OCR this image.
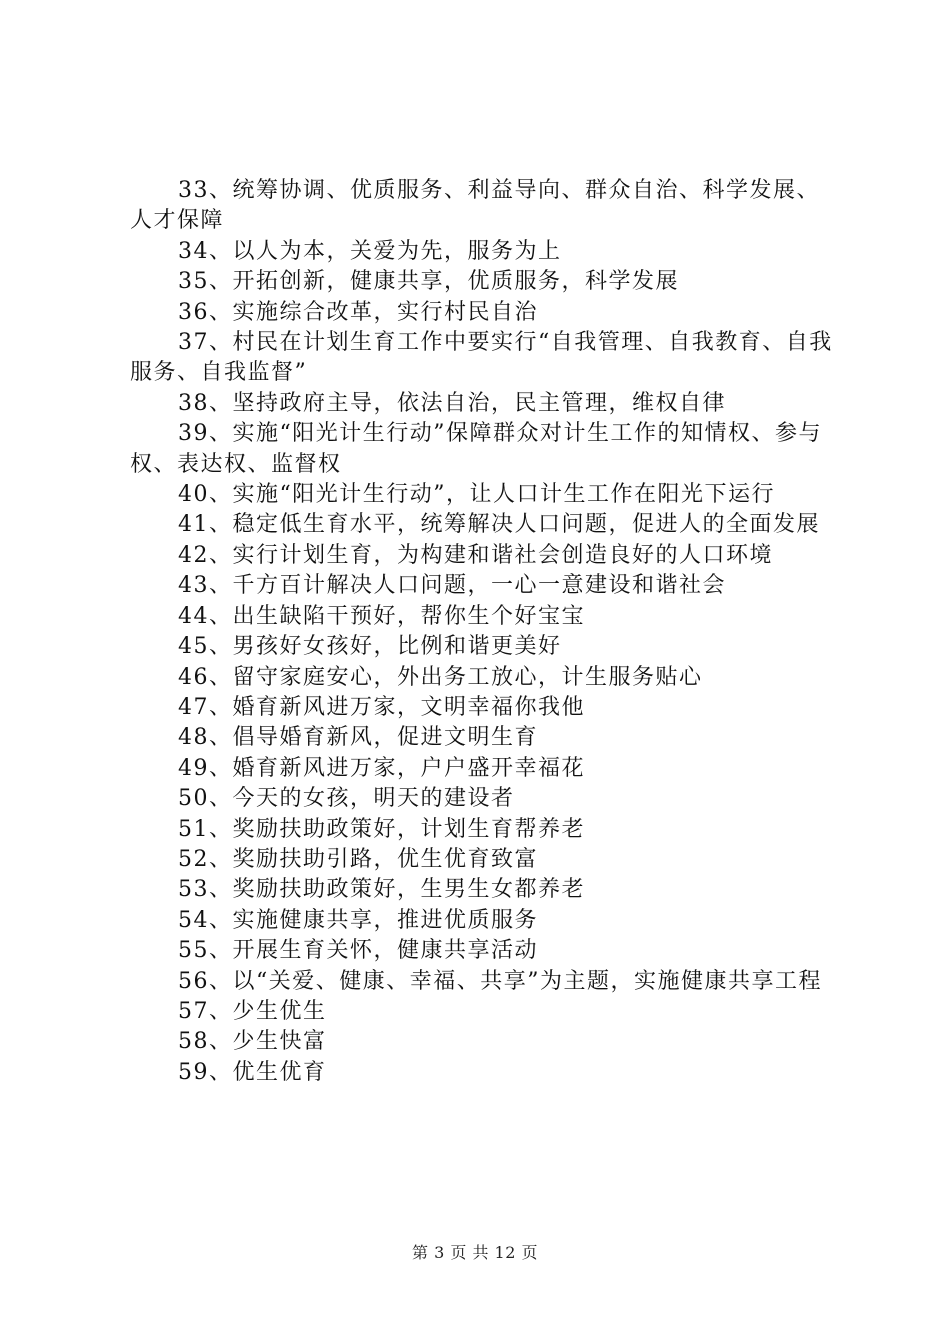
33、统筹协调、优质服务、利益导向、群众自治、科学发展、人才保障

34、以人为本，关爱为先，服务为上

35、开拓创新，健康共享，优质服务，科学发展

36、实施综合改革，实行村民自治

37、村民在计划生育工作中要实行“自我管理、自我教育、自我服务、自我监督”

38、坚持政府主导，依法自治，民主管理，维权自律

39、实施“阳光计生行动”保障群众对计生工作的知情权、参与权、表达权、监督权

40、实施“阳光计生行动”，让人口计生工作在阳光下运行

41、稳定低生育水平，统筹解决人口问题，促进人的全面发展

42、实行计划生育，为构建和谐社会创造良好的人口环境

43、千方百计解决人口问题，一心一意建设和谐社会

44、出生缺陷干预好，帮你生个好宝宝

45、男孩好女孩好，比例和谐更美好

46、留守家庭安心，外出务工放心，计生服务贴心

47、婚育新风进万家，文明幸福你我他

48、倡导婚育新风，促进文明生育

49、婚育新风进万家，户户盛开幸福花

50、今天的女孩，明天的建设者

51、奖励扶助政策好，计划生育帮养老

52、奖励扶助引路，优生优育致富

53、奖励扶助政策好，生男生女都养老

54、实施健康共享，推进优质服务

55、开展生育关怀，健康共享活动

56、以“关爱、健康、幸福、共享”为主题，实施健康共享工程

57、少生优生

58、少生快富

59、优生优育

第 3 页 共 12 页
